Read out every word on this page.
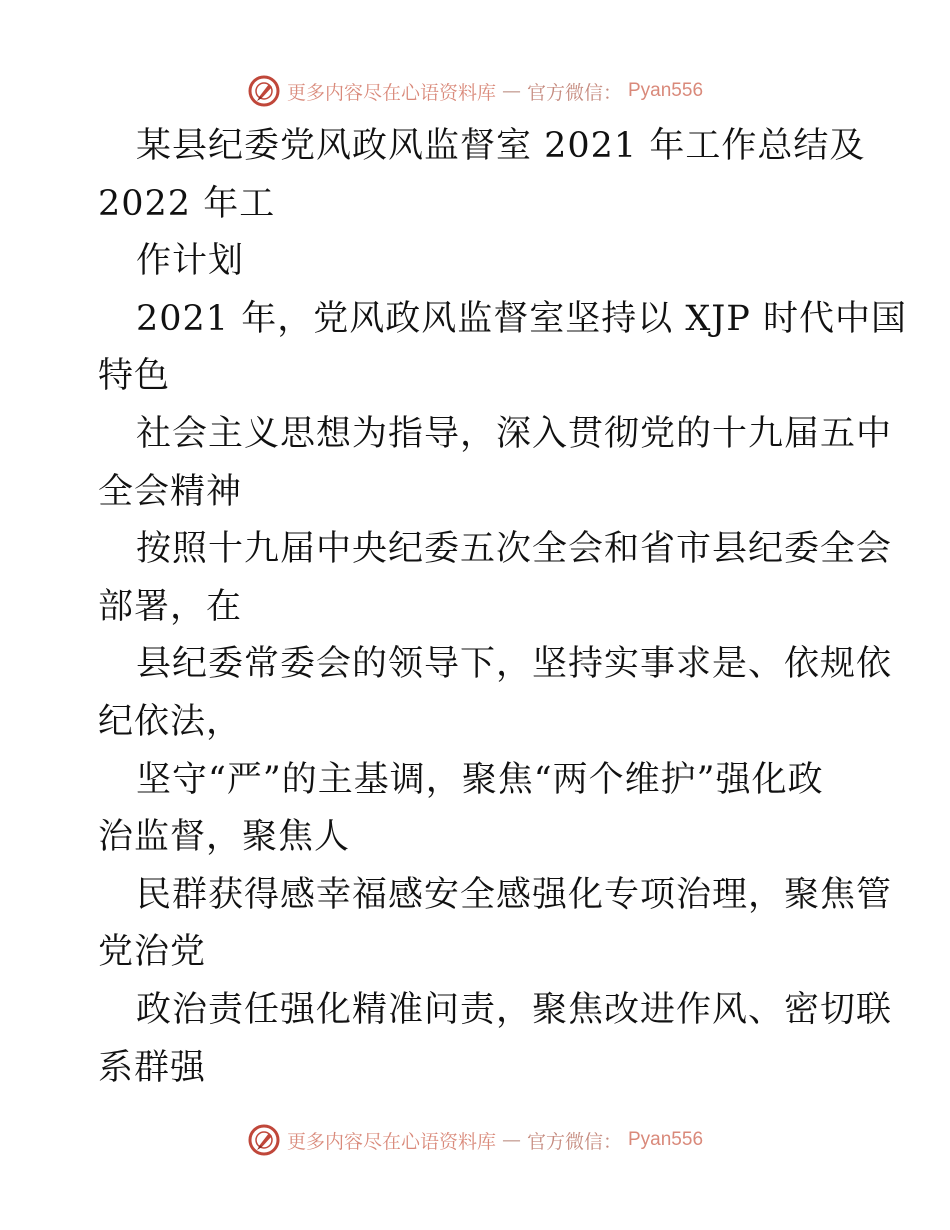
更多内容尽在心语资料库 — 官方微信： Pyan556
某县纪委党风政风监督室 2021 年工作总结及
2022 年工
作计划
2021 年，党风政风监督室坚持以 XJP 时代中国
特色
社会主义思想为指导，深入贯彻党的十九届五中
全会精神
按照十九届中央纪委五次全会和省市县纪委全会
部署，在
县纪委常委会的领导下，坚持实事求是、依规依
纪依法，
坚守“严”的主基调，聚焦“两个维护”强化政
治监督，聚焦人
民群获得感幸福感安全感强化专项治理，聚焦管
党治党
政治责任强化精准问责，聚焦改进作风、密切联
系群强
更多内容尽在心语资料库 — 官方微信： Pyan556
